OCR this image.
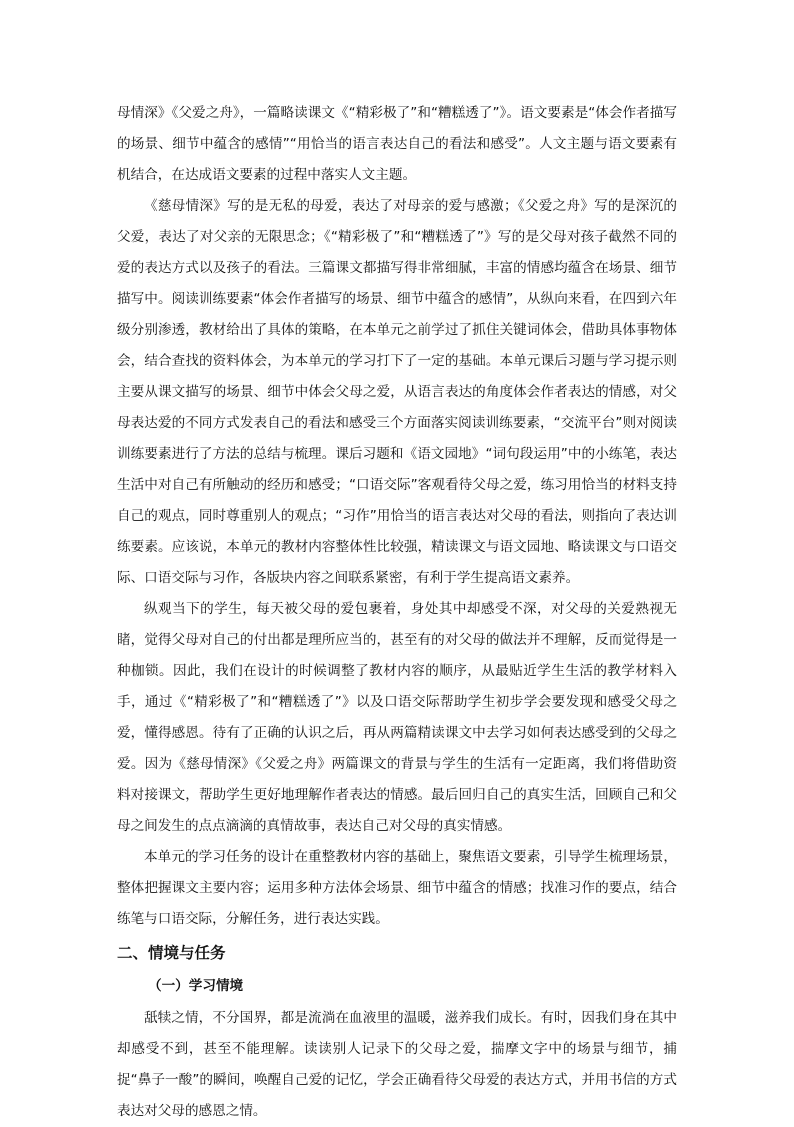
母情深》《父爱之舟》，一篇略读课文《“精彩极了”和“糟糕透了”》。语文要素是“体会作者描写的场景、细节中蕴含的感情”“用恰当的语言表达自己的看法和感受”。人文主题与语文要素有机结合，在达成语文要素的过程中落实人文主题。

《慈母情深》写的是无私的母爱，表达了对母亲的爱与感激；《父爱之舟》写的是深沉的父爱，表达了对父亲的无限思念；《“精彩极了”和“糟糕透了”》写的是父母对孩子截然不同的爱的表达方式以及孩子的看法。三篇课文都描写得非常细腻，丰富的情感均蕴含在场景、细节描写中。阅读训练要素“体会作者描写的场景、细节中蕴含的感情”，从纵向来看，在四到六年级分别渗透，教材给出了具体的策略，在本单元之前学过了抓住关键词体会，借助具体事物体会，结合查找的资料体会，为本单元的学习打下了一定的基础。本单元课后习题与学习提示则主要从课文描写的场景、细节中体会父母之爱，从语言表达的角度体会作者表达的情感，对父母表达爱的不同方式发表自己的看法和感受三个方面落实阅读训练要素，“交流平台”则对阅读训练要素进行了方法的总结与梳理。课后习题和《语文园地》“词句段运用”中的小练笔，表达生活中对自己有所触动的经历和感受；“口语交际”客观看待父母之爱，练习用恰当的材料支持自己的观点，同时尊重别人的观点；“习作”用恰当的语言表达对父母的看法，则指向了表达训练要素。应该说，本单元的教材内容整体性比较强，精读课文与语文园地、略读课文与口语交际、口语交际与习作，各版块内容之间联系紧密，有利于学生提高语文素养。

纵观当下的学生，每天被父母的爱包裹着，身处其中却感受不深，对父母的关爱熟视无睹，觉得父母对自己的付出都是理所应当的，甚至有的对父母的做法并不理解，反而觉得是一种枷锁。因此，我们在设计的时候调整了教材内容的顺序，从最贴近学生生活的教学材料入手，通过《“精彩极了”和“糟糕透了”》以及口语交际帮助学生初步学会要发现和感受父母之爱，懂得感恩。待有了正确的认识之后，再从两篇精读课文中去学习如何表达感受到的父母之爱。因为《慈母情深》《父爱之舟》两篇课文的背景与学生的生活有一定距离，我们将借助资料对接课文，帮助学生更好地理解作者表达的情感。最后回归自己的真实生活，回顾自己和父母之间发生的点点滴滴的真情故事，表达自己对父母的真实情感。

本单元的学习任务的设计在重整教材内容的基础上，聚焦语文要素，引导学生梳理场景，整体把握课文主要内容；运用多种方法体会场景、细节中蕴含的情感；找准习作的要点，结合练笔与口语交际，分解任务，进行表达实践。

二、情境与任务
（一）学习情境

舐犊之情，不分国界，都是流淌在血液里的温暖，滋养我们成长。有时，因我们身在其中却感受不到，甚至不能理解。读读别人记录下的父母之爱，揣摩文字中的场景与细节，捕捉“鼻子一酸”的瞬间，唤醒自己爱的记忆，学会正确看待父母爱的表达方式，并用书信的方式表达对父母的感恩之情。
